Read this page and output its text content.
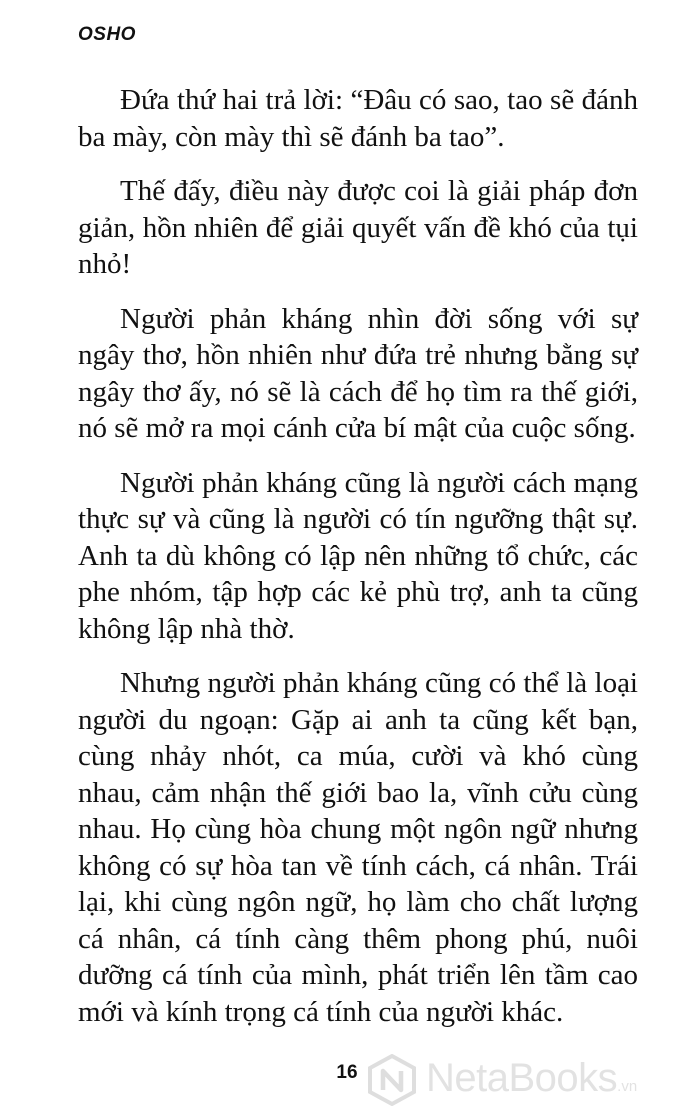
OSHO

Đứa thứ hai trả lời: “Đâu có sao, tao sẽ đánh ba mày, còn mày thì sẽ đánh ba tao”.

Thế đấy, điều này được coi là giải pháp đơn giản, hồn nhiên để giải quyết vấn đề khó của tụi nhỏ!

Người phản kháng nhìn đời sống với sự ngây thơ, hồn nhiên như đứa trẻ nhưng bằng sự ngây thơ ấy, nó sẽ là cách để họ tìm ra thế giới, nó sẽ mở ra mọi cánh cửa bí mật của cuộc sống.

Người phản kháng cũng là người cách mạng thực sự và cũng là người có tín ngưỡng thật sự. Anh ta dù không có lập nên những tổ chức, các phe nhóm, tập hợp các kẻ phù trợ, anh ta cũng không lập nhà thờ.

Nhưng người phản kháng cũng có thể là loại người du ngoạn: Gặp ai anh ta cũng kết bạn, cùng nhảy nhót, ca múa, cười và khó cùng nhau, cảm nhận thế giới bao la, vĩnh cửu cùng nhau. Họ cùng hòa chung một ngôn ngữ nhưng không có sự hòa tan về tính cách, cá nhân. Trái lại, khi cùng ngôn ngữ, họ làm cho chất lượng cá nhân, cá tính càng thêm phong phú, nuôi dưỡng cá tính của mình, phát triển lên tầm cao mới và kính trọng cá tính của người khác.

16	NetaBooks.vn
